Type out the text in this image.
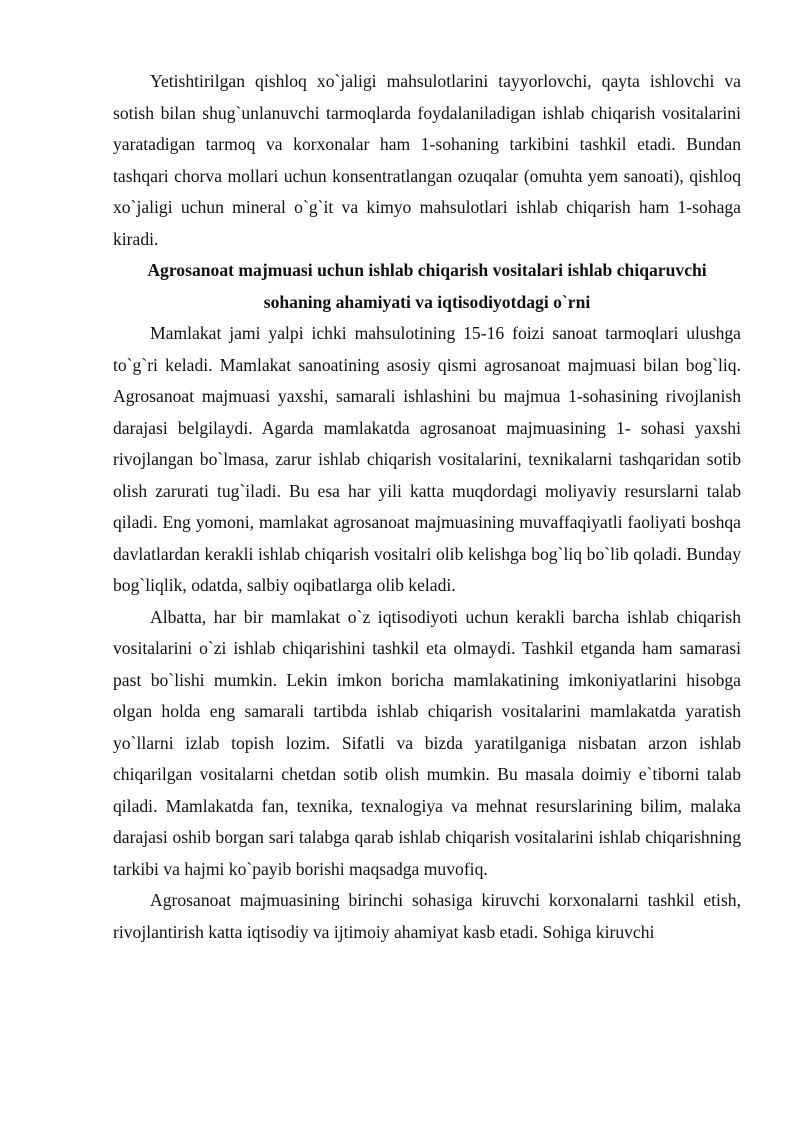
Yetishtirilgan qishloq xo`jaligi mahsulotlarini tayyorlovchi, qayta ishlovchi va sotish bilan shug`unlanuvchi tarmoqlarda foydalaniladigan ishlab chiqarish vositalarini yaratadigan tarmoq va korxonalar ham 1-sohaning tarkibini tashkil etadi. Bundan tashqari chorva mollari uchun konsentratlangan ozuqalar (omuhta yem sanoati), qishloq xo`jaligi uchun mineral o`g`it va kimyo mahsulotlari ishlab chiqarish ham 1-sohaga kiradi.

Agrosanoat majmuasi uchun ishlab chiqarish vositalari ishlab chiqaruvchi
sohaning ahamiyati va iqtisodiyotdagi o`rni

Mamlakat jami yalpi ichki mahsulotining 15-16 foizi sanoat tarmoqlari ulushga to`g`ri keladi. Mamlakat sanoatining asosiy qismi agrosanoat majmuasi bilan bog`liq. Agrosanoat majmuasi yaxshi, samarali ishlashini bu majmua 1-sohasining rivojlanish darajasi belgilaydi. Agarda mamlakatda agrosanoat majmuasining 1- sohasi yaxshi rivojlangan bo`lmasa, zarur ishlab chiqarish vositalarini, texnikalarni tashqaridan sotib olish zarurati tug`iladi. Bu esa har yili katta muqdordagi moliyaviy resurslarni talab qiladi. Eng yomoni, mamlakat agrosanoat majmuasining muvaffaqiyatli faoliyati boshqa davlatlardan kerakli ishlab chiqarish vositalri olib kelishga bog`liq bo`lib qoladi. Bunday bog`liqlik, odatda, salbiy oqibatlarga olib keladi.

Albatta, har bir mamlakat o`z iqtisodiyoti uchun kerakli barcha ishlab chiqarish vositalarini o`zi ishlab chiqarishini tashkil eta olmaydi. Tashkil etganda ham samarasi past bo`lishi mumkin. Lekin imkon boricha mamlakatining imkoniyatlarini hisobga olgan holda eng samarali tartibda ishlab chiqarish vositalarini mamlakatda yaratish yo`llarni izlab topish lozim. Sifatli va bizda yaratilganiga nisbatan arzon ishlab chiqarilgan vositalarni chetdan sotib olish mumkin. Bu masala doimiy e`tiborni talab qiladi. Mamlakatda fan, texnika, texnalogiya va mehnat resurslarining bilim, malaka darajasi oshib borgan sari talabga qarab ishlab chiqarish vositalarini ishlab chiqarishning tarkibi va hajmi ko`payib borishi maqsadga muvofiq.

Agrosanoat majmuasining birinchi sohasiga kiruvchi korxonalarni tashkil etish, rivojlantirish katta iqtisodiy va ijtimoiy ahamiyat kasb etadi. Sohiga kiruvchi
